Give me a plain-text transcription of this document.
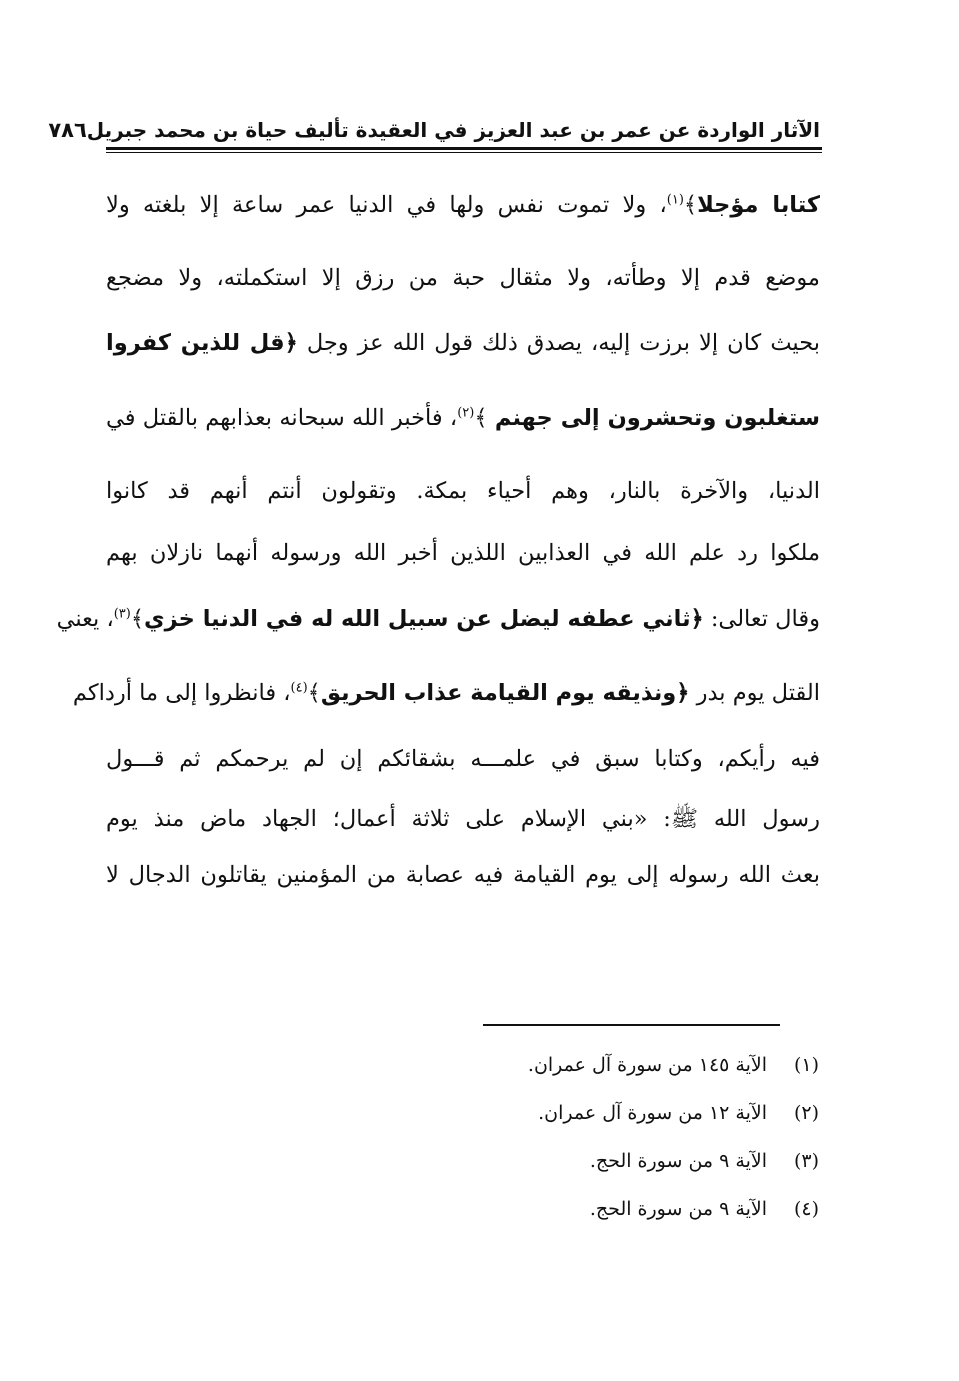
الآثار الواردة عن عمر بن عبد العزيز في العقيدة تأليف حياة بن محمد جبريل
٧٨٦
كتابا مؤجلا﴾$^{(١)}$، ولا تموت نفس ولها في الدنيا عمر ساعة إلا بلغته ولا
موضع قدم إلا وطأته، ولا مثقال حبة من رزق إلا استكملته، ولا مضجع
بحيث كان إلا برزت إليه، يصدق ذلك قول الله عز وجل ﴿قل للذين كفروا
ستغلبون وتحشرون إلى جهنم ﴾$^{(٢)}$، فأخبر الله سبحانه بعذابهم بالقتل في
الدنيا، والآخرة بالنار، وهم أحياء بمكة. وتقولون أنتم أنهم قد كانوا
ملكوا رد علم الله في العذابين اللذين أخبر الله ورسوله أنهما نازلان بهم
وقال تعالى: ﴿ثاني عطفه ليضل عن سبيل الله له في الدنيا خزي﴾$^{(٣)}$، يعني
القتل يوم بدر ﴿ونذيقه يوم القيامة عذاب الحريق﴾$^{(٤)}$، فانظروا إلى ما أرداكم
فيه رأيكم، وكتابا سبق في علمـــه بشقائكم إن لم يرحمكم ثم قـــول
رسول الله ﷺ: «بني الإسلام على ثلاثة أعمال؛ الجهاد ماض منذ يوم
بعث الله رسوله إلى يوم القيامة فيه عصابة من المؤمنين يقاتلون الدجال لا
(١)الآية ١٤٥ من سورة آل عمران.
(٢)الآية ١٢ من سورة آل عمران.
(٣)الآية ٩ من سورة الحج.
(٤)الآية ٩ من سورة الحج.
